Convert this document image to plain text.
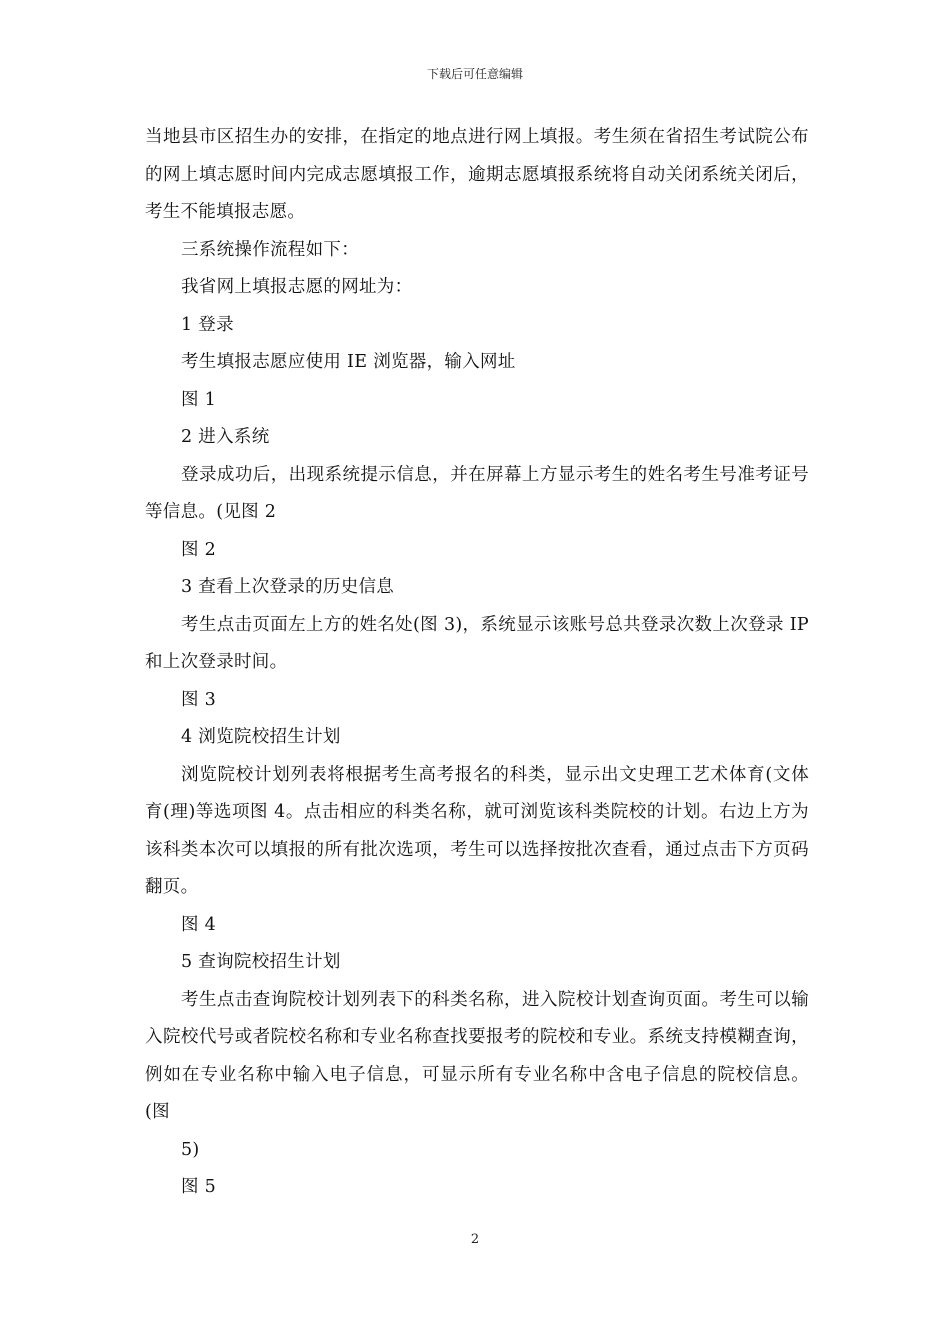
下载后可任意编辑

当地县市区招生办的安排，在指定的地点进行网上填报。考生须在省招生考试院公布的网上填志愿时间内完成志愿填报工作，逾期志愿填报系统将自动关闭系统关闭后，考生不能填报志愿。

三系统操作流程如下：

我省网上填报志愿的网址为：

1 登录

考生填报志愿应使用 IE 浏览器，输入网址

图 1

2 进入系统

登录成功后，出现系统提示信息，并在屏幕上方显示考生的姓名考生号准考证号等信息。(见图 2

图 2

3 查看上次登录的历史信息

考生点击页面左上方的姓名处(图 3)，系统显示该账号总共登录次数上次登录 IP 和上次登录时间。

图 3

4 浏览院校招生计划

浏览院校计划列表将根据考生高考报名的科类，显示出文史理工艺术体育(文体育(理)等选项图 4。点击相应的科类名称，就可浏览该科类院校的计划。右边上方为该科类本次可以填报的所有批次选项，考生可以选择按批次查看，通过点击下方页码翻页。

图 4

5 查询院校招生计划

考生点击查询院校计划列表下的科类名称，进入院校计划查询页面。考生可以输入院校代号或者院校名称和专业名称查找要报考的院校和专业。系统支持模糊查询，例如在专业名称中输入电子信息，可显示所有专业名称中含电子信息的院校信息。(图

5)

图 5

2
